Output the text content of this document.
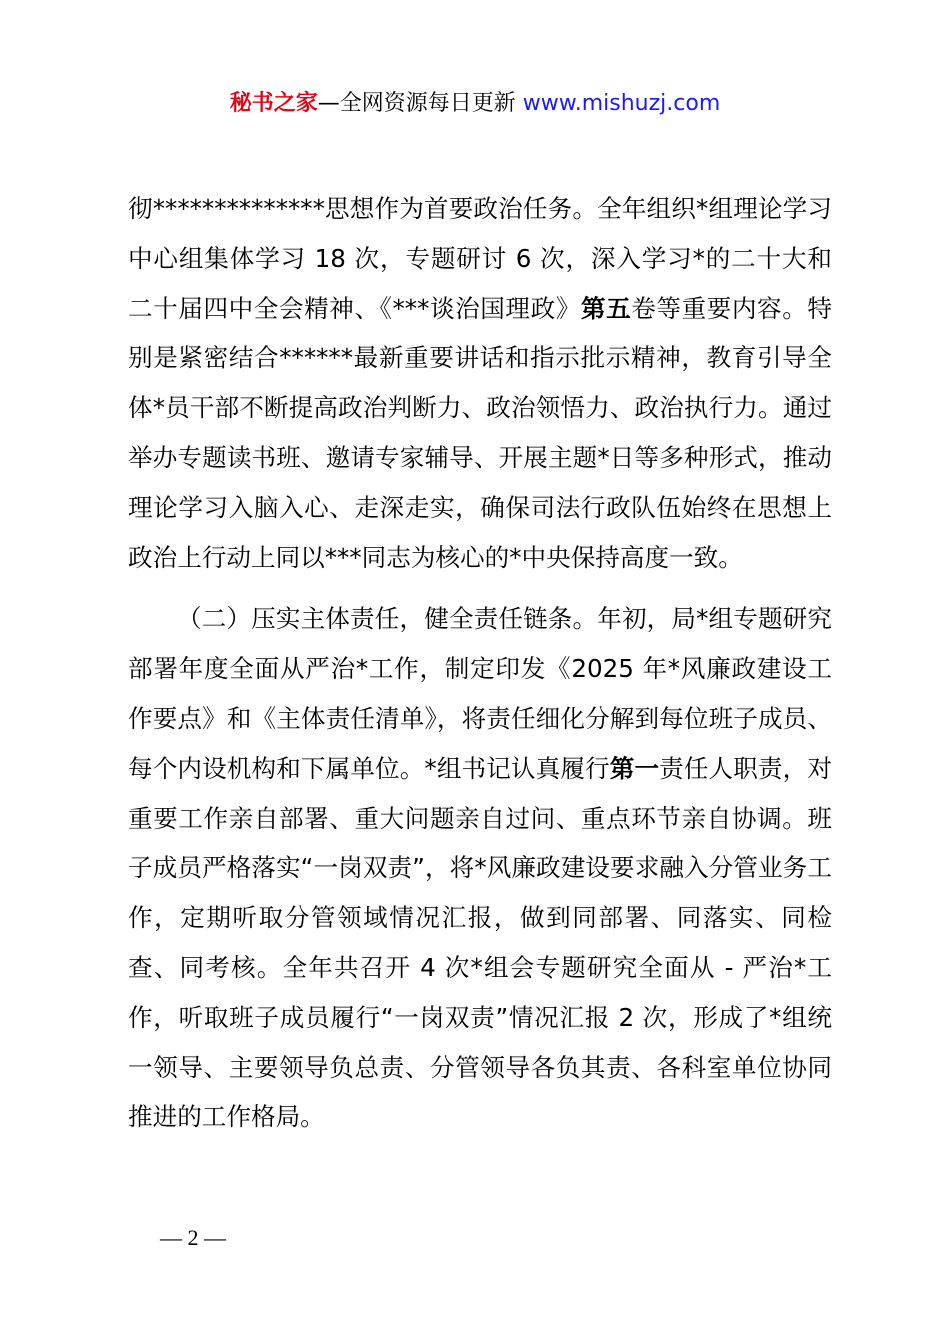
秘书之家—全网资源每日更新 www.mishuzj.com

彻**************思想作为首要政治任务。全年组织*组理论学习中心组集体学习 18 次，专题研讨 6 次，深入学习*的二十大和二十届四中全会精神、《***谈治国理政》第五卷等重要内容。特别是紧密结合******最新重要讲话和指示批示精神，教育引导全体*员干部不断提高政治判断力、政治领悟力、政治执行力。通过举办专题读书班、邀请专家辅导、开展主题*日等多种形式，推动理论学习入脑入心、走深走实，确保司法行政队伍始终在思想上政治上行动上同以***同志为核心的*中央保持高度一致。

（二）压实主体责任，健全责任链条。年初，局*组专题研究部署年度全面从严治*工作，制定印发《2025 年*风廉政建设工作要点》和《主体责任清单》，将责任细化分解到每位班子成员、每个内设机构和下属单位。*组书记认真履行第一责任人职责，对重要工作亲自部署、重大问题亲自过问、重点环节亲自协调。班子成员严格落实“一岗双责”，将*风廉政建设要求融入分管业务工作，定期听取分管领域情况汇报，做到同部署、同落实、同检查、同考核。全年共召开 4 次*组会专题研究全面从 - 严治*工作，听取班子成员履行“一岗双责”情况汇报 2 次，形成了*组统一领导、主要领导负总责、分管领导各负其责、各科室单位协同推进的工作格局。

— 2 —
